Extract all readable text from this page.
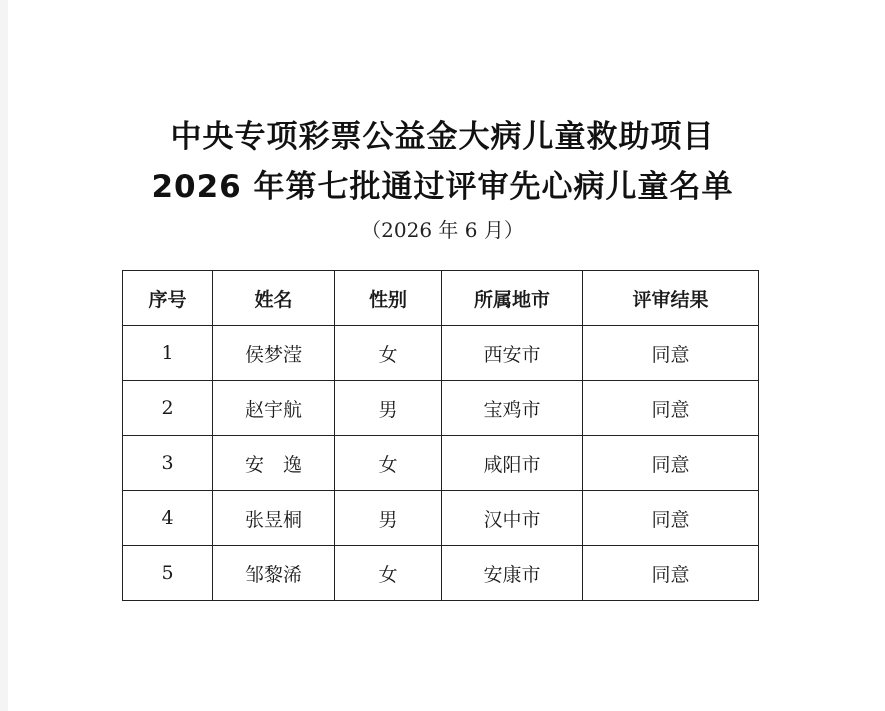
中央专项彩票公益金大病儿童救助项目
2026 年第七批通过评审先心病儿童名单
（2026 年 6 月）
序号	姓名	性别	所属地市	评审结果
1	侯梦滢	女	西安市	同意
2	赵宇航	男	宝鸡市	同意
3	安　逸	女	咸阳市	同意
4	张昱桐	男	汉中市	同意
5	邹黎浠	女	安康市	同意
